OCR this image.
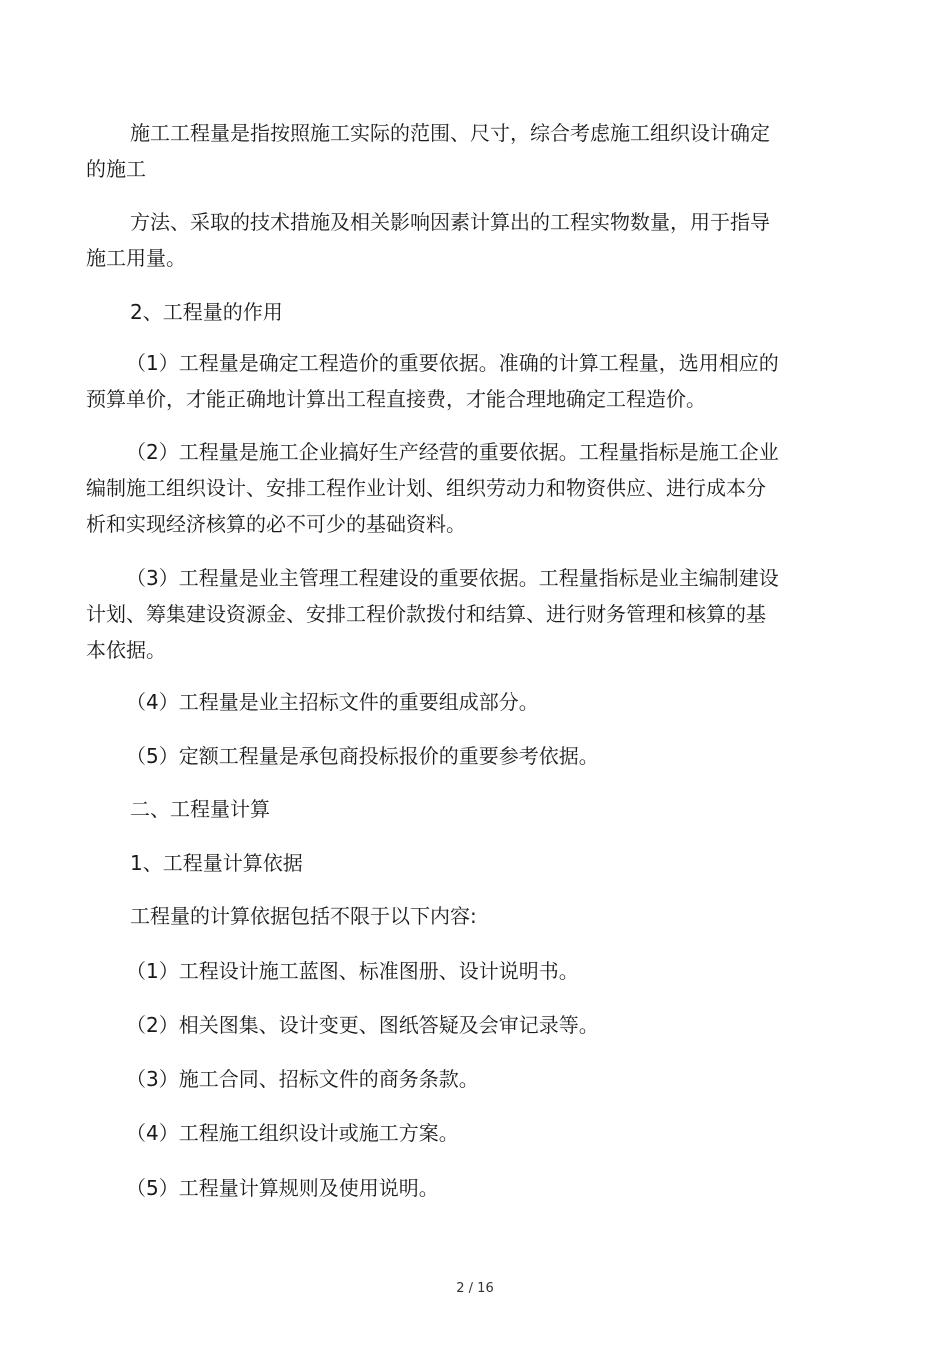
施工工程量是指按照施工实际的范围、尺寸，综合考虑施工组织设计确定
的施工
方法、采取的技术措施及相关影响因素计算出的工程实物数量，用于指导
施工用量。
2、工程量的作用
（1）工程量是确定工程造价的重要依据。准确的计算工程量，选用相应的
预算单价，才能正确地计算出工程直接费，才能合理地确定工程造价。
（2）工程量是施工企业搞好生产经营的重要依据。工程量指标是施工企业
编制施工组织设计、安排工程作业计划、组织劳动力和物资供应、进行成本分
析和实现经济核算的必不可少的基础资料。
（3）工程量是业主管理工程建设的重要依据。工程量指标是业主编制建设
计划、筹集建设资源金、安排工程价款拨付和结算、进行财务管理和核算的基
本依据。
（4）工程量是业主招标文件的重要组成部分。
（5）定额工程量是承包商投标报价的重要参考依据。
二、工程量计算
1、工程量计算依据
工程量的计算依据包括不限于以下内容:
（1）工程设计施工蓝图、标准图册、设计说明书。
（2）相关图集、设计变更、图纸答疑及会审记录等。
（3）施工合同、招标文件的商务条款。
（4）工程施工组织设计或施工方案。
（5）工程量计算规则及使用说明。
2 / 16
